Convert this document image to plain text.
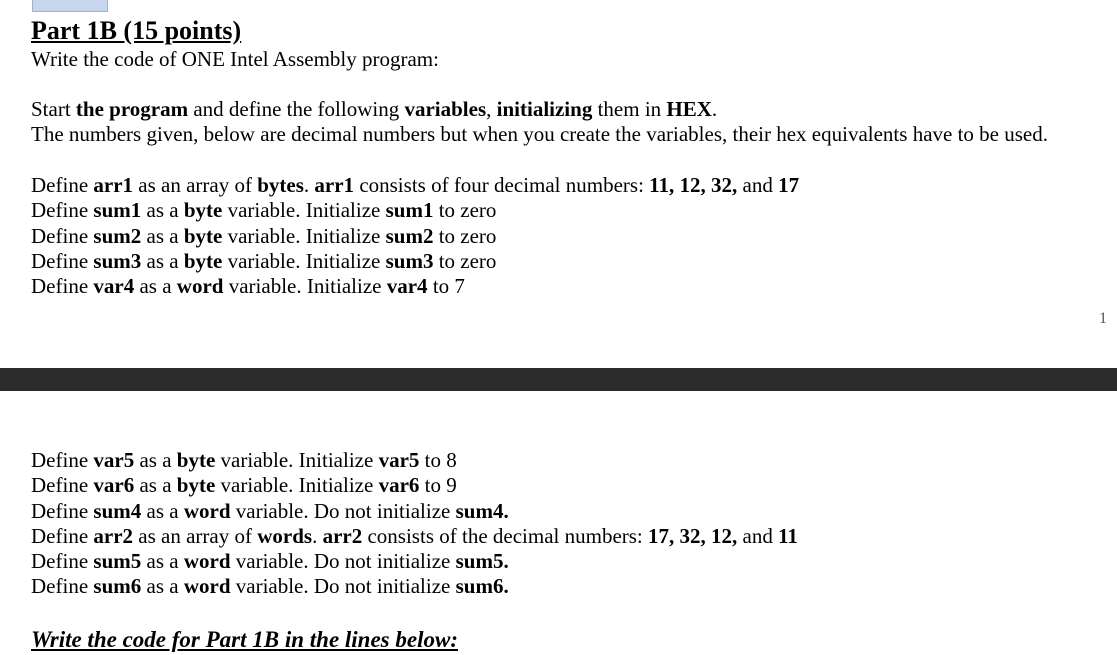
Part 1B (15 points)

Write the code of ONE Intel Assembly program:

Start the program and define the following variables, initializing them in HEX.

The numbers given, below are decimal numbers but when you create the variables, their hex equivalents have to be used.

Define arr1 as an array of bytes. arr1 consists of four decimal numbers: 11, 12, 32, and 17

Define sum1 as a byte variable. Initialize sum1 to zero

Define sum2 as a byte variable. Initialize sum2 to zero

Define sum3 as a byte variable. Initialize sum3 to zero

Define var4 as a word variable. Initialize var4 to 7

Define var5 as a byte variable. Initialize var5 to 8

Define var6 as a byte variable. Initialize var6 to 9

Define sum4 as a word variable. Do not initialize sum4.

Define arr2 as an array of words. arr2 consists of the decimal numbers: 17, 32, 12, and 11

Define sum5 as a word variable. Do not initialize sum5.

Define sum6 as a word variable. Do not initialize sum6.

1
Write the code for Part 1B in the lines below:
